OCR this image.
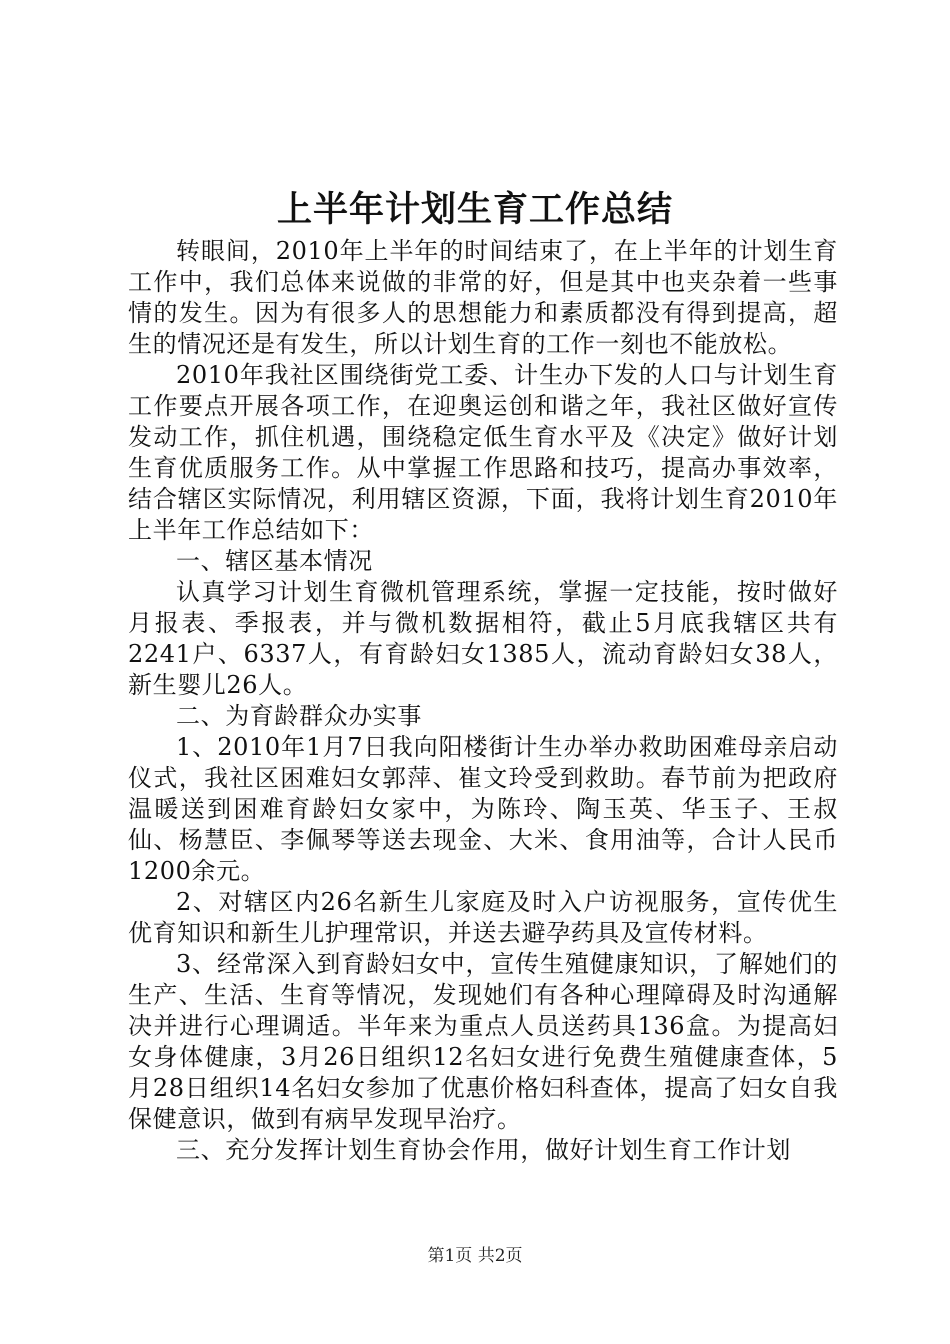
上半年计划生育工作总结

转眼间，2010年上半年的时间结束了，在上半年的计划生育工作中，我们总体来说做的非常的好，但是其中也夹杂着一些事情的发生。因为有很多人的思想能力和素质都没有得到提高，超生的情况还是有发生，所以计划生育的工作一刻也不能放松。

2010年我社区围绕街党工委、计生办下发的人口与计划生育工作要点开展各项工作，在迎奥运创和谐之年，我社区做好宣传发动工作，抓住机遇，围绕稳定低生育水平及《决定》做好计划生育优质服务工作。从中掌握工作思路和技巧，提高办事效率，结合辖区实际情况，利用辖区资源，下面，我将计划生育2010年上半年工作总结如下：

一、辖区基本情况

认真学习计划生育微机管理系统，掌握一定技能，按时做好月报表、季报表，并与微机数据相符，截止5月底我辖区共有2241户、6337人，有育龄妇女1385人，流动育龄妇女38人，新生婴儿26人。

二、为育龄群众办实事

1、2010年1月7日我向阳楼街计生办举办救助困难母亲启动仪式，我社区困难妇女郭萍、崔文玲受到救助。春节前为把政府温暖送到困难育龄妇女家中，为陈玲、陶玉英、华玉子、王叔仙、杨慧臣、李佩琴等送去现金、大米、食用油等，合计人民币1200余元。

2、对辖区内26名新生儿家庭及时入户访视服务，宣传优生优育知识和新生儿护理常识，并送去避孕药具及宣传材料。

3、经常深入到育龄妇女中，宣传生殖健康知识，了解她们的生产、生活、生育等情况，发现她们有各种心理障碍及时沟通解决并进行心理调适。半年来为重点人员送药具136盒。为提高妇女身体健康，3月26日组织12名妇女进行免费生殖健康查体，5月28日组织14名妇女参加了优惠价格妇科查体，提高了妇女自我保健意识，做到有病早发现早治疗。

三、充分发挥计划生育协会作用，做好计划生育工作计划

第1页 共2页
